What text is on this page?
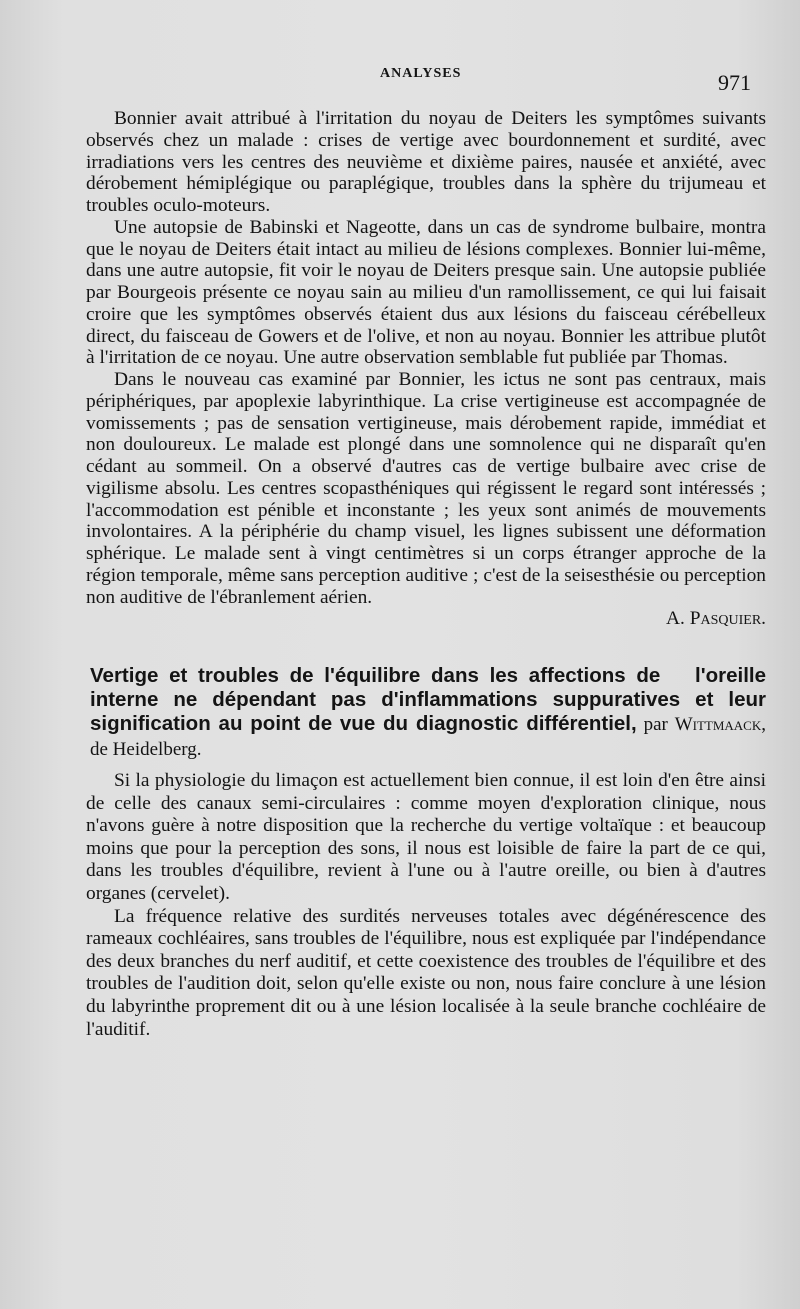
ANALYSES	971

Bonnier avait attribué à l'irritation du noyau de Deiters les symptômes suivants observés chez un malade : crises de vertige avec bourdonnement et surdité, avec irradiations vers les centres des neuvième et dixième paires, nausée et anxiété, avec dérobement hémiplégique ou paraplégique, troubles dans la sphère du trijumeau et troubles oculo-moteurs.

Une autopsie de Babinski et Nageotte, dans un cas de syndrome bulbaire, montra que le noyau de Deiters était intact au milieu de lésions complexes. Bonnier lui-même, dans une autre autopsie, fit voir le noyau de Deiters presque sain. Une autopsie publiée par Bourgeois présente ce noyau sain au milieu d'un ramollissement, ce qui lui faisait croire que les symptômes observés étaient dus aux lésions du faisceau cérébelleux direct, du faisceau de Gowers et de l'olive, et non au noyau. Bonnier les attribue plutôt à l'irritation de ce noyau. Une autre observation semblable fut publiée par Thomas.

Dans le nouveau cas examiné par Bonnier, les ictus ne sont pas centraux, mais périphériques, par apoplexie labyrinthique. La crise vertigineuse est accompagnée de vomissements ; pas de sensation vertigineuse, mais dérobement rapide, immédiat et non douloureux. Le malade est plongé dans une somnolence qui ne disparaît qu'en cédant au sommeil. On a observé d'autres cas de vertige bulbaire avec crise de vigilisme absolu. Les centres scopasthéniques qui régissent le regard sont intéressés ; l'accommodation est pénible et inconstante ; les yeux sont animés de mouvements involontaires. A la périphérie du champ visuel, les lignes subissent une déformation sphérique. Le malade sent à vingt centimètres si un corps étranger approche de la région temporale, même sans perception auditive ; c'est de la seisesthésie ou perception non auditive de l'ébranlement aérien.

A. Pasquier.

Vertige et troubles de l'équilibre dans les affections de l'oreille interne ne dépendant pas d'inflammations suppuratives et leur signification au point de vue du diagnostic différentiel, par Wittmaack, de Heidelberg.

Si la physiologie du limaçon est actuellement bien connue, il est loin d'en être ainsi de celle des canaux semi-circulaires : comme moyen d'exploration clinique, nous n'avons guère à notre disposition que la recherche du vertige voltaïque : et beaucoup moins que pour la perception des sons, il nous est loisible de faire la part de ce qui, dans les troubles d'équilibre, revient à l'une ou à l'autre oreille, ou bien à d'autres organes (cervelet).

La fréquence relative des surdités nerveuses totales avec dégénérescence des rameaux cochléaires, sans troubles de l'équilibre, nous est expliquée par l'indépendance des deux branches du nerf auditif, et cette coexistence des troubles de l'équilibre et des troubles de l'audition doit, selon qu'elle existe ou non, nous faire conclure à une lésion du labyrinthe proprement dit ou à une lésion localisée à la seule branche cochléaire de l'auditif.
